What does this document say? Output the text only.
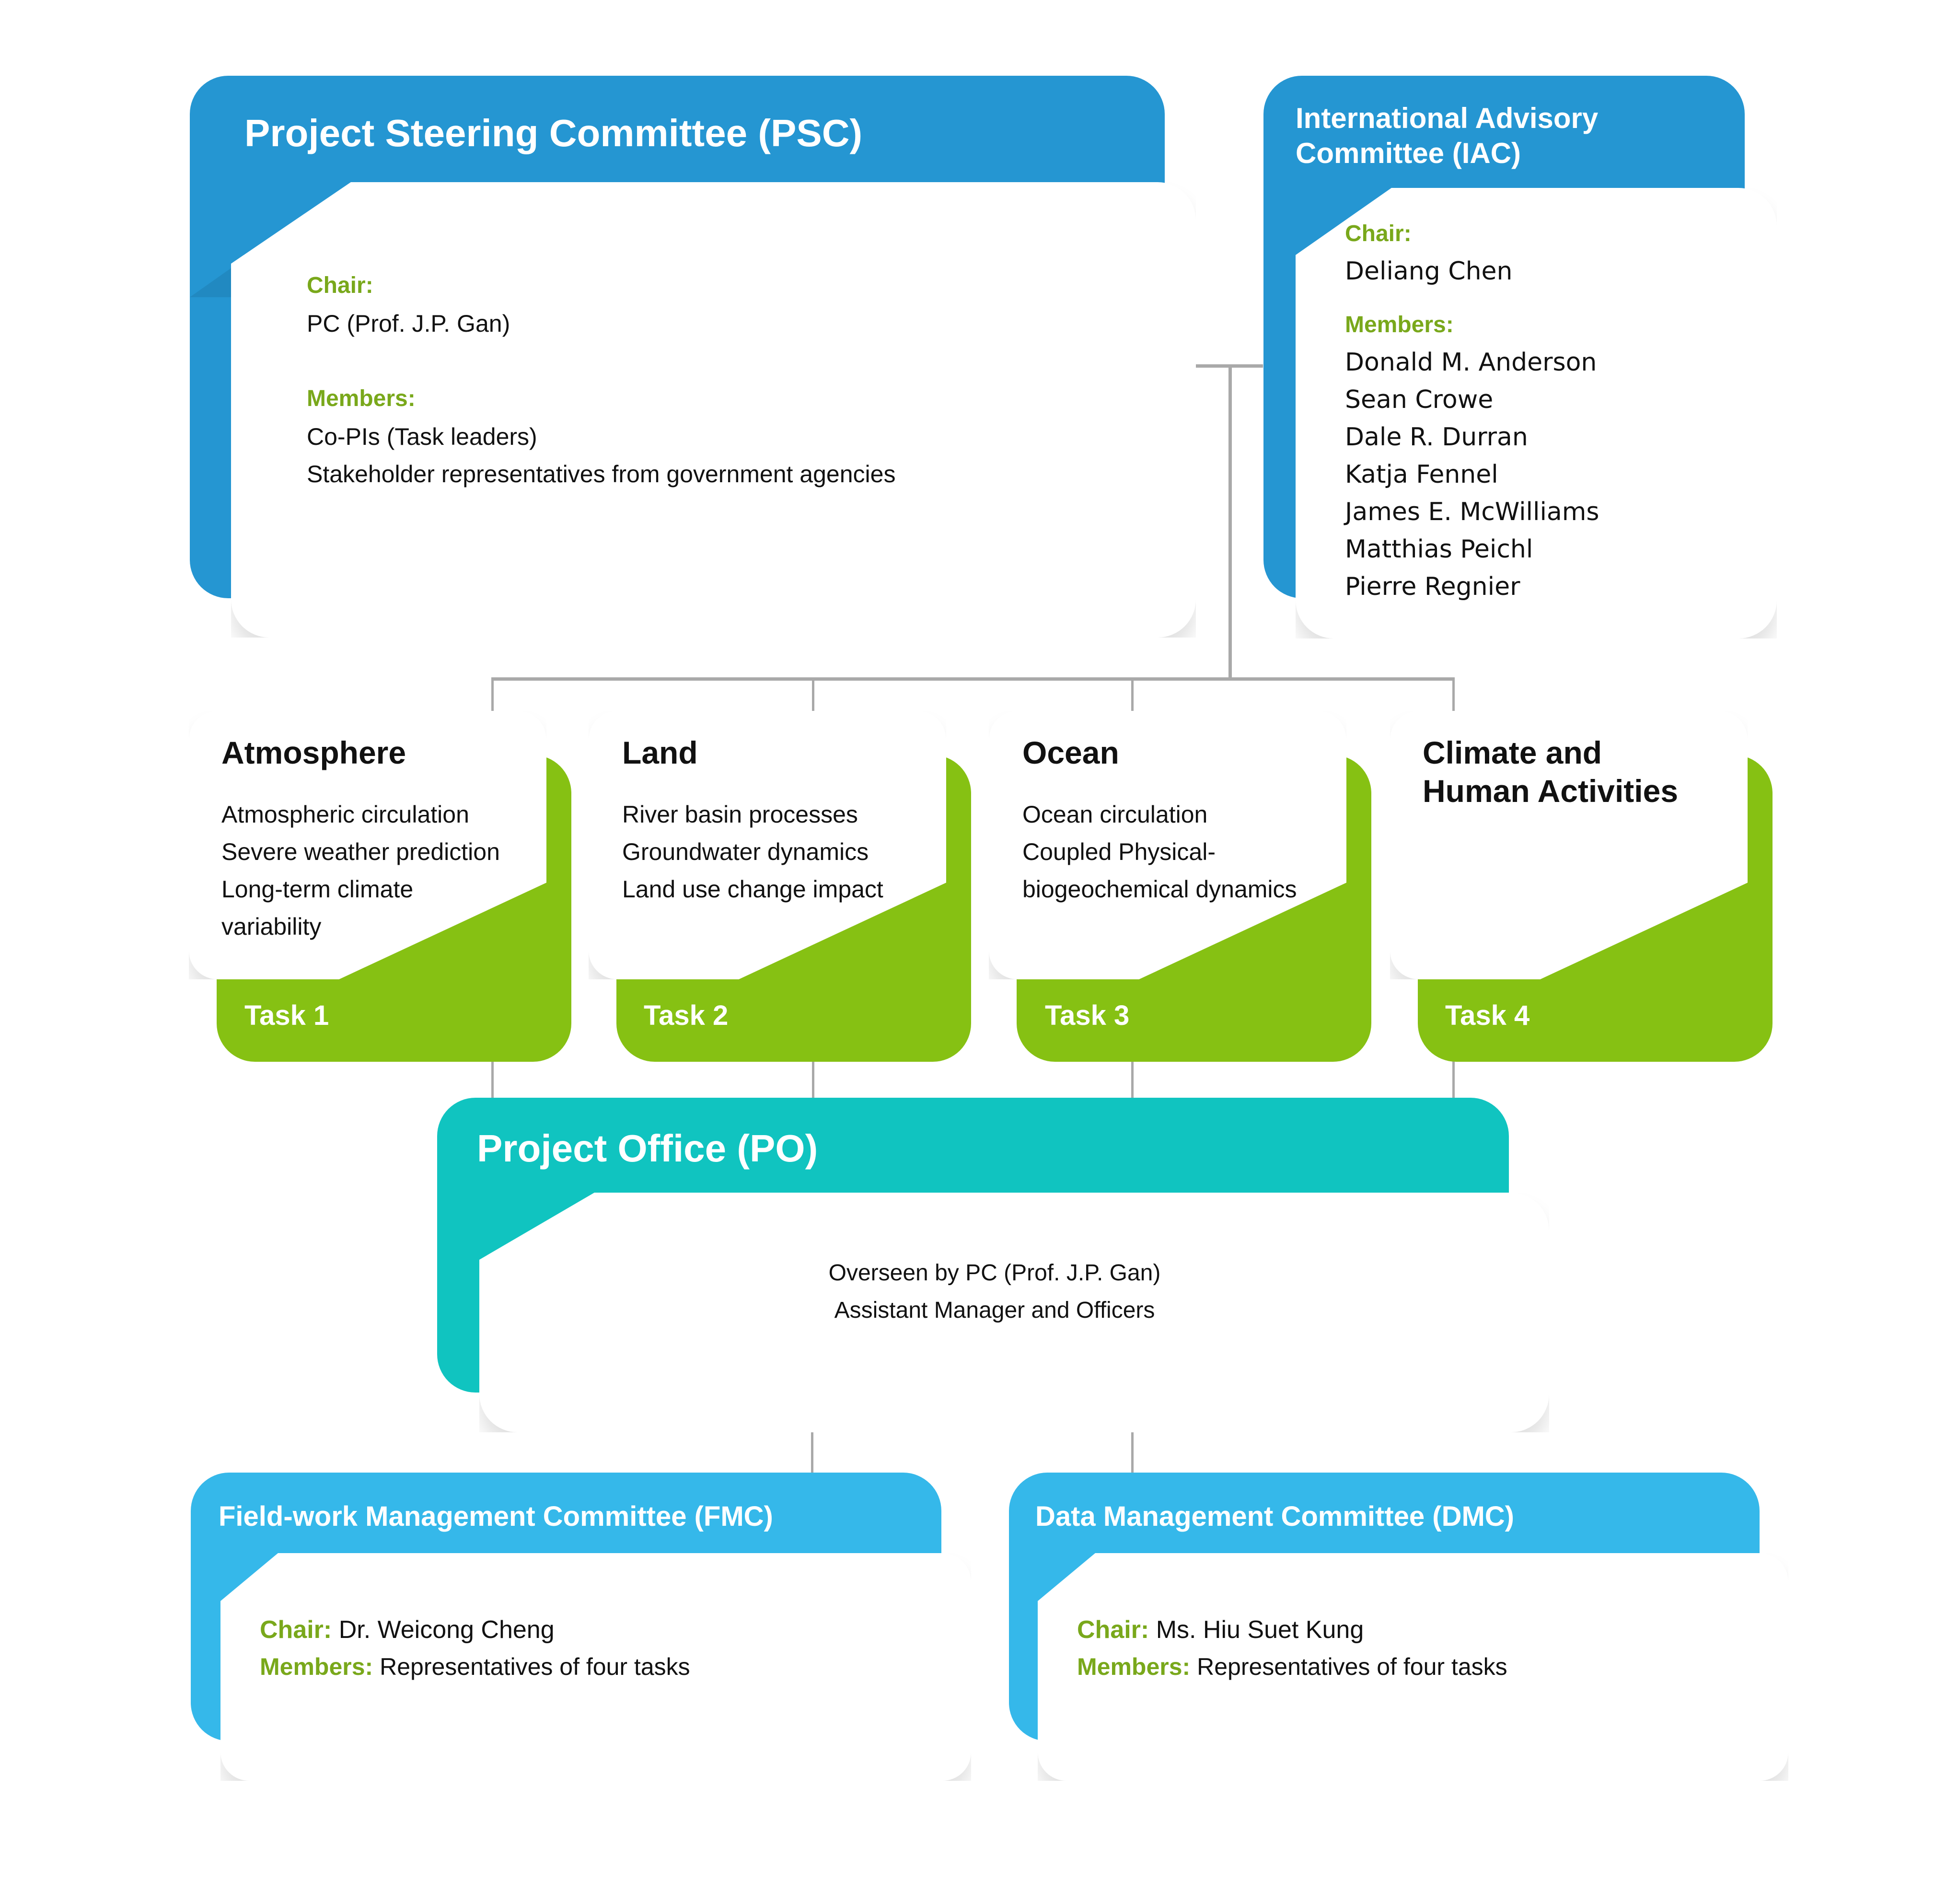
Project Steering Committee (PSC)
Chair:
PC (Prof. J.P. Gan)
Members:
Co-PIs (Task leaders)
Stakeholder representatives from government agencies
International Advisory
Committee (IAC)
Chair:
Deliang Chen
Members:
Donald M. Anderson
Sean Crowe
Dale R. Durran
Katja Fennel
James E. McWilliams
Matthias Peichl
Pierre Regnier
Atmosphere
Atmospheric circulation
Severe weather prediction
Long-term climate
variability
Task 1
Land
River basin processes
Groundwater dynamics
Land use change impact
Task 2
Ocean
Ocean circulation
Coupled Physical-
biogeochemical dynamics
Task 3
Climate and
Human Activities
Task 4
Project Office (PO)
Overseen by PC (Prof. J.P. Gan)
Assistant Manager and Officers
Field-work Management Committee (FMC)
Chair: Dr. Weicong Cheng
Members: Representatives of four tasks
Data Management Committee (DMC)
Chair: Ms. Hiu Suet Kung
Members: Representatives of four tasks
